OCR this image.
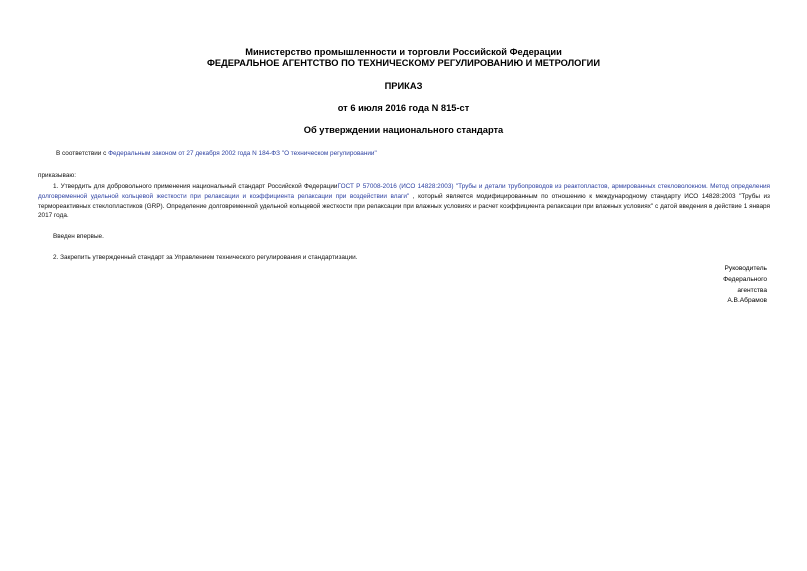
Министерство промышленности и торговли Российской Федерации
ФЕДЕРАЛЬНОЕ АГЕНТСТВО ПО ТЕХНИЧЕСКОМУ РЕГУЛИРОВАНИЮ И МЕТРОЛОГИИ
ПРИКАЗ
от 6 июля 2016 года N 815-ст
Об утверждении национального стандарта
В соответствии с Федеральным законом от 27 декабря 2002 года N 184-ФЗ "О техническом регулировании"
приказываю:
1. Утвердить для добровольного применения национальный стандарт Российской ФедерацииГОСТ Р 57008-2016 (ИСО 14828:2003) "Трубы и детали трубопроводов из реактопластов, армированных стекловолокном. Метод определения долговременной удельной кольцевой жесткости при релаксации и коэффициента релаксации при воздействии влаги" , который является модифицированным по отношению к международному стандарту ИСО 14828:2003 "Трубы из термореактивных стеклопластиков (GRP). Определение долговременной удельной кольцевой жесткости при релаксации при влажных условиях и расчет коэффициента релаксации при влажных условиях" с датой введения в действие 1 января 2017 года.
Введен впервые.
2. Закрепить утвержденный стандарт за Управлением технического регулирования и стандартизации.
Руководитель
Федерального
агентства
А.В.Абрамов
